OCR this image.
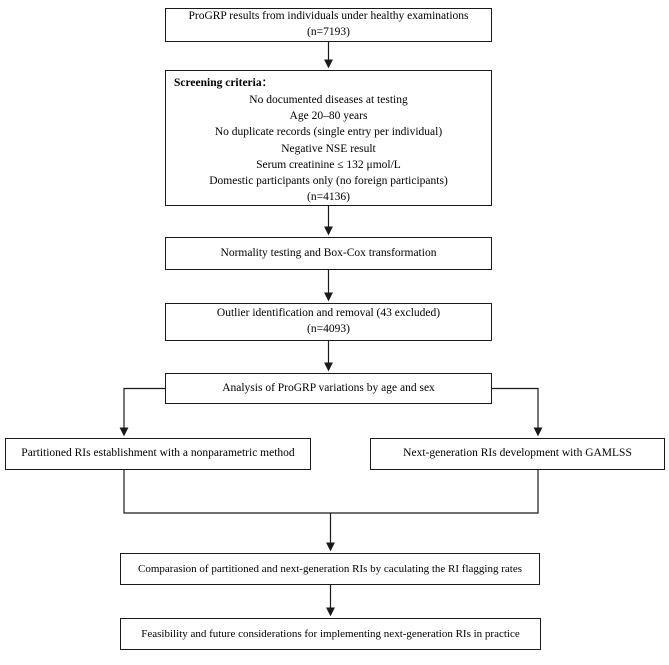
ProGRP results from individuals under healthy examinations
(n=7193)
Screening criteria：
No documented diseases at testing
Age 20–80 years
No duplicate records (single entry per individual)
Negative NSE result
Serum creatinine ≤ 132 μmol/L
Domestic participants only (no foreign participants)
(n=4136)
Normality testing and Box-Cox transformation
Outlier identification and removal (43 excluded)
(n=4093)
Analysis of ProGRP variations by age and sex
Partitioned RIs establishment with a nonparametric method	Next-generation RIs development with GAMLSS
Comparasion of partitioned and next-generation RIs by caculating the RI flagging rates
Feasibility and future considerations for implementing next-generation RIs in practice
